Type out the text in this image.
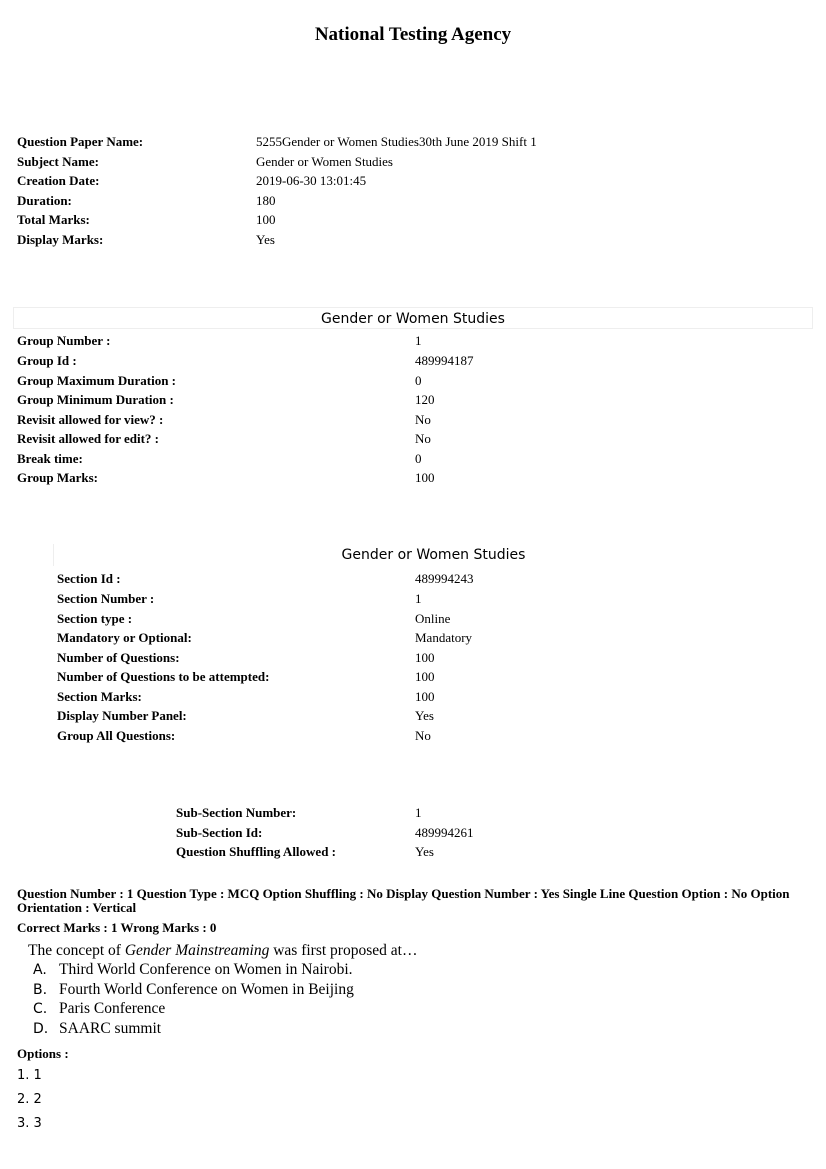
National Testing Agency
Question Paper Name:	5255Gender or Women Studies30th June 2019 Shift 1
Subject Name:	Gender or Women Studies
Creation Date:	2019-06-30 13:01:45
Duration:	180
Total Marks:	100
Display Marks:	Yes
Gender or Women Studies
Group Number :	1
Group Id :	489994187
Group Maximum Duration :	0
Group Minimum Duration :	120
Revisit allowed for view? :	No
Revisit allowed for edit? :	No
Break time:	0
Group Marks:	100
Gender or Women Studies
Section Id :	489994243
Section Number :	1
Section type :	Online
Mandatory or Optional:	Mandatory
Number of Questions:	100
Number of Questions to be attempted:	100
Section Marks:	100
Display Number Panel:	Yes
Group All Questions:	No
Sub-Section Number:	1
Sub-Section Id:	489994261
Question Shuffling Allowed :	Yes
Question Number : 1 Question Type : MCQ Option Shuffling : No Display Question Number : Yes Single Line Question Option : No Option Orientation : Vertical
Correct Marks : 1 Wrong Marks : 0
The concept of Gender Mainstreaming was first proposed at…
A. Third World Conference on Women in Nairobi.
B. Fourth World Conference on Women in Beijing
C. Paris Conference
D. SAARC summit
Options :
1. 1
2. 2
3. 3
